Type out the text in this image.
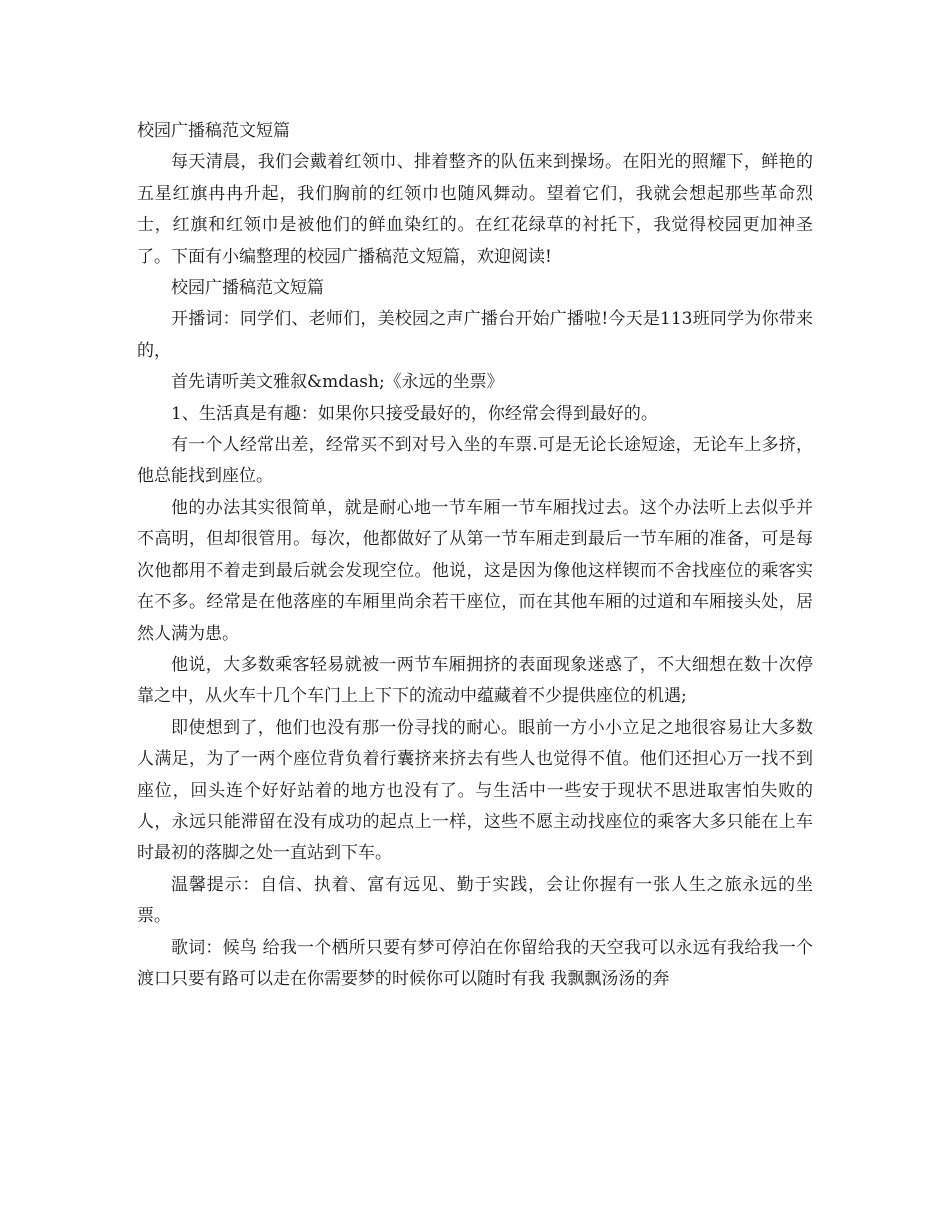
校园广播稿范文短篇

每天清晨，我们会戴着红领巾、排着整齐的队伍来到操场。在阳光的照耀下，鲜艳的五星红旗冉冉升起，我们胸前的红领巾也随风舞动。望着它们，我就会想起那些革命烈士，红旗和红领巾是被他们的鲜血染红的。在红花绿草的衬托下，我觉得校园更加神圣了。下面有小编整理的校园广播稿范文短篇，欢迎阅读!

校园广播稿范文短篇

开播词：同学们、老师们，美校园之声广播台开始广播啦!今天是113班同学为你带来的，

首先请听美文雅叙&mdash;《永远的坐票》

1、生活真是有趣：如果你只接受最好的，你经常会得到最好的。

有一个人经常出差，经常买不到对号入坐的车票.可是无论长途短途，无论车上多挤，他总能找到座位。

他的办法其实很简单，就是耐心地一节车厢一节车厢找过去。这个办法听上去似乎并不高明，但却很管用。每次，他都做好了从第一节车厢走到最后一节车厢的准备，可是每次他都用不着走到最后就会发现空位。他说，这是因为像他这样锲而不舍找座位的乘客实在不多。经常是在他落座的车厢里尚余若干座位，而在其他车厢的过道和车厢接头处，居然人满为患。

他说，大多数乘客轻易就被一两节车厢拥挤的表面现象迷惑了，不大细想在数十次停靠之中，从火车十几个车门上上下下的流动中蕴藏着不少提供座位的机遇;

即使想到了，他们也没有那一份寻找的耐心。眼前一方小小立足之地很容易让大多数人满足，为了一两个座位背负着行囊挤来挤去有些人也觉得不值。他们还担心万一找不到座位，回头连个好好站着的地方也没有了。与生活中一些安于现状不思进取害怕失败的人，永远只能滞留在没有成功的起点上一样，这些不愿主动找座位的乘客大多只能在上车时最初的落脚之处一直站到下车。

温馨提示：自信、执着、富有远见、勤于实践，会让你握有一张人生之旅永远的坐票。

歌词：候鸟 给我一个栖所只要有梦可停泊在你留给我的天空我可以永远有我给我一个渡口只要有路可以走在你需要梦的时候你可以随时有我 我飘飘汤汤的奔
